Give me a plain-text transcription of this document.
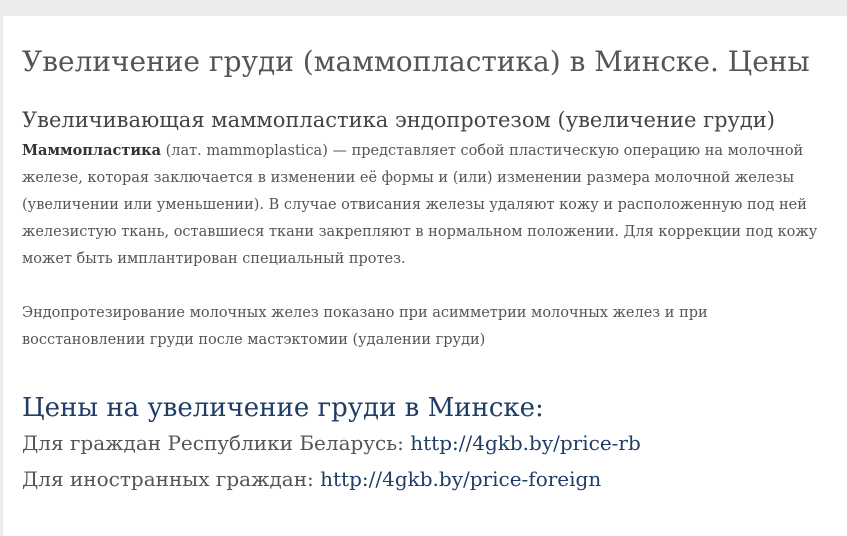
Увеличение груди (маммопластика) в Минске. Цены
Увеличивающая маммопластика эндопротезом (увеличение груди)

Маммопластика (лат. mammoplastica) — представляет собой пластическую операцию на молочной железе, которая заключается в изменении её формы и (или) изменении размера молочной железы (увеличении или уменьшении). В случае отвисания железы удаляют кожу и расположенную под ней железистую ткань, оставшиеся ткани закрепляют в нормальном положении. Для коррекции под кожу может быть имплантирован специальный протез.

Эндопротезирование молочных желез показано при асимметрии молочных желез и при восстановлении груди после мастэктомии (удалении груди)

Цены на увеличение груди в Минске:

Для граждан Республики Беларусь: http://4gkb.by/price-rb

Для иностранных граждан: http://4gkb.by/price-foreign
